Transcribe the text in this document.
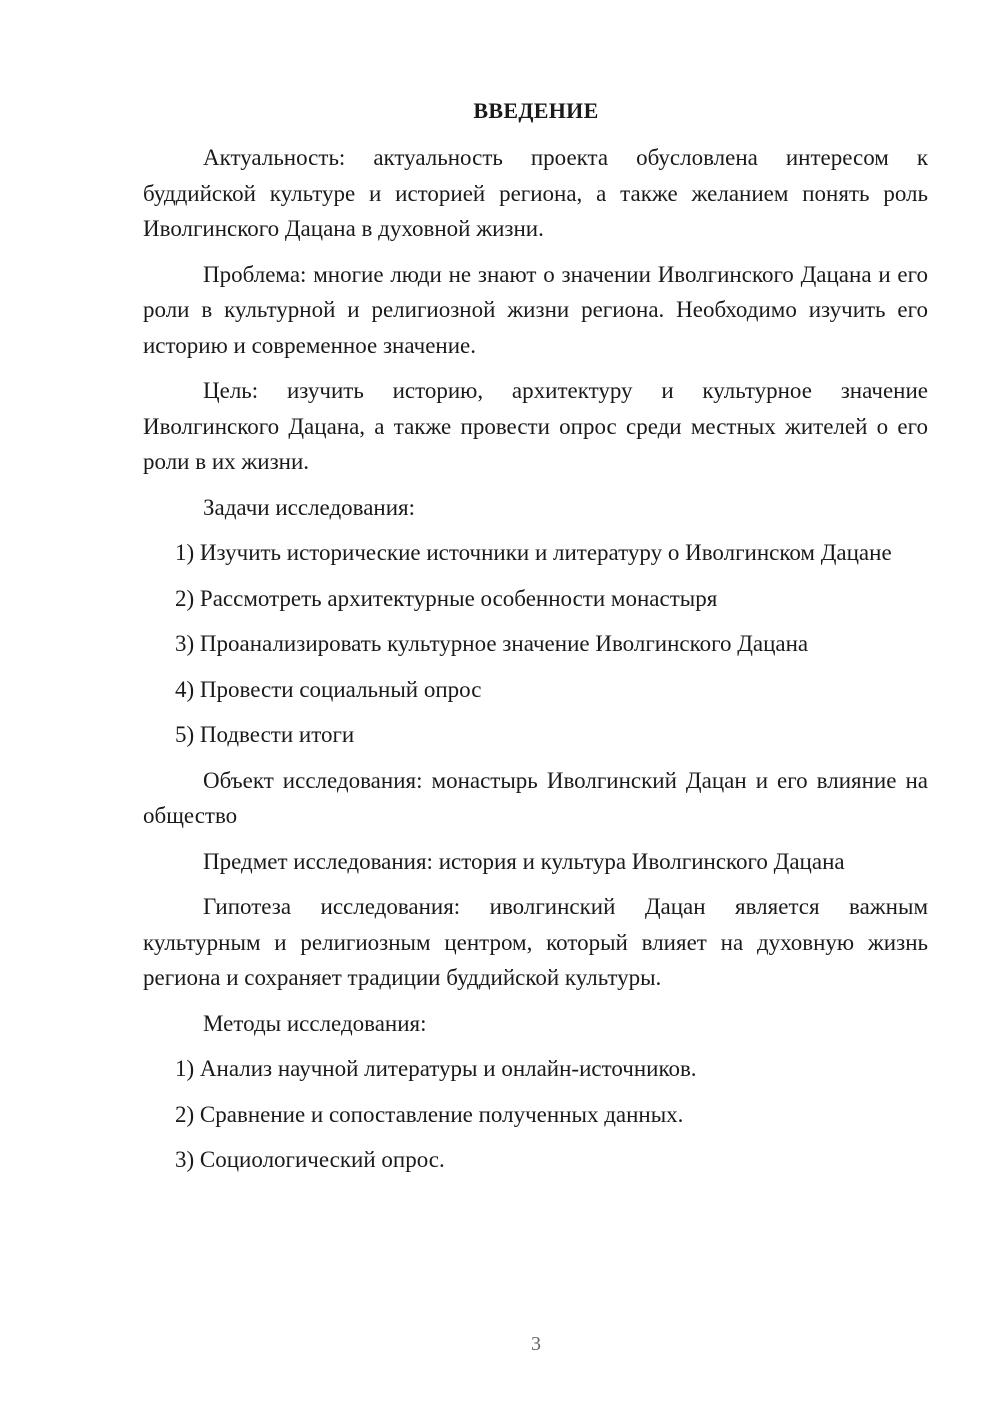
ВВЕДЕНИЕ

Актуальность: актуальность проекта обусловлена интересом к буддийской культуре и историей региона, а также желанием понять роль Иволгинского Дацана в духовной жизни.

Проблема: многие люди не знают о значении Иволгинского Дацана и его роли в культурной и религиозной жизни региона. Необходимо изучить его историю и современное значение.

Цель: изучить историю, архитектуру и культурное значение Иволгинского Дацана, а также провести опрос среди местных жителей о его роли в их жизни.

Задачи исследования:

1) Изучить исторические источники и литературу о Иволгинском Дацане

2) Рассмотреть архитектурные особенности монастыря

3) Проанализировать культурное значение Иволгинского Дацана

4) Провести социальный опрос

5) Подвести итоги

Объект исследования: монастырь Иволгинский Дацан и его влияние на общество

Предмет исследования: история и культура Иволгинского Дацана

Гипотеза исследования: иволгинский Дацан является важным культурным и религиозным центром, который влияет на духовную жизнь региона и сохраняет традиции буддийской культуры.

Методы исследования:

1) Анализ научной литературы и онлайн-источников.

2) Сравнение и сопоставление полученных данных.

3) Социологический опрос.

3
